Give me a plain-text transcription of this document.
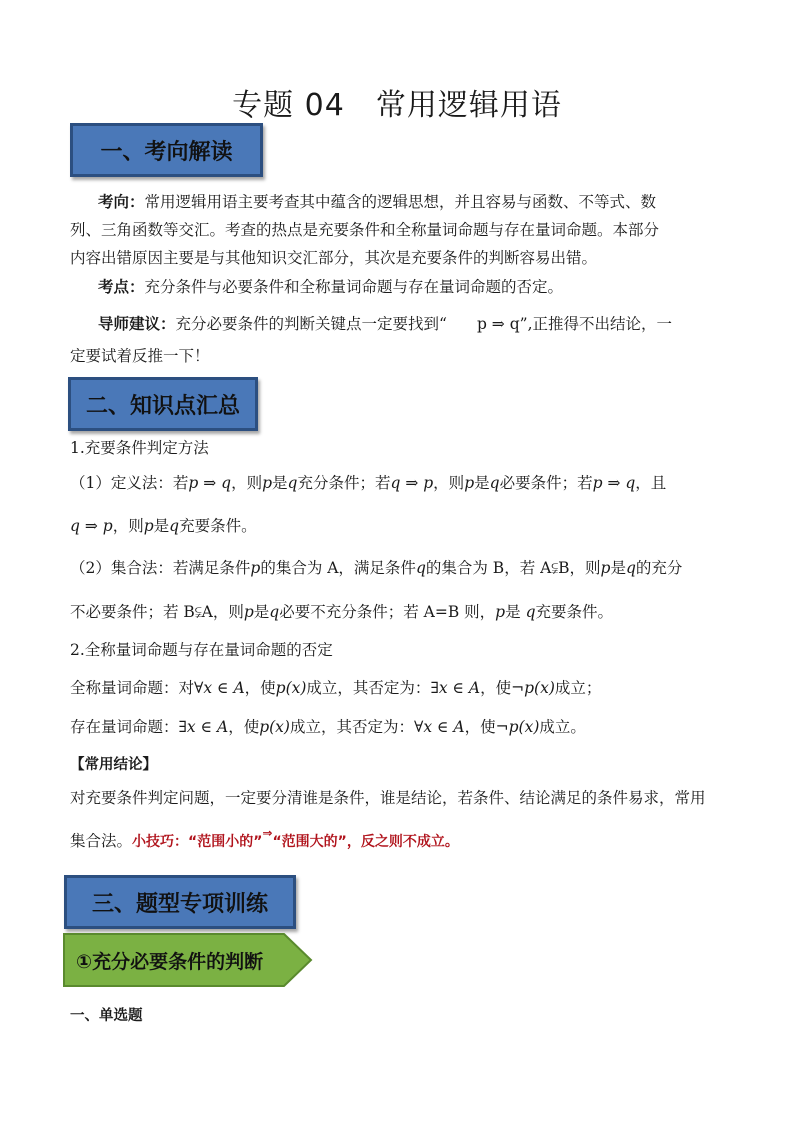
专题 04　常用逻辑用语
一、考向解读
考向：常用逻辑用语主要考查其中蕴含的逻辑思想，并且容易与函数、不等式、数
列、三角函数等交汇。考查的热点是充要条件和全称量词命题与存在量词命题。本部分
内容出错原因主要是与其他知识交汇部分，其次是充要条件的判断容易出错。
考点：充分条件与必要条件和全称量词命题与存在量词命题的否定。
导师建议：充分必要条件的判断关键点一定要找到“ p ⇒ q”,正推得不出结论，一
定要试着反推一下！
二、知识点汇总
1.充要条件判定方法
（1）定义法：若p ⇒ q，则p是q充分条件；若q ⇒ p，则p是q必要条件；若p ⇒ q，且
q ⇒ p，则p是q充要条件。
（2）集合法：若满足条件p的集合为 A，满足条件q的集合为 B，若 A⫋B，则p是q的充分
不必要条件；若 B⫋A，则p是q必要不充分条件；若 A=B 则，p是 q充要条件。
2.全称量词命题与存在量词命题的否定
全称量词命题：对∀x ∈ A，使p(x)成立，其否定为：∃x ∈ A，使¬p(x)成立；
存在量词命题：∃x ∈ A，使p(x)成立，其否定为：∀x ∈ A，使¬p(x)成立。
【常用结论】
对充要条件判定问题，一定要分清谁是条件，谁是结论，若条件、结论满足的条件易求，常用
集合法。小技巧：“范围小的”⇒“范围大的”，反之则不成立。
三、题型专项训练
①充分必要条件的判断
一、单选题
